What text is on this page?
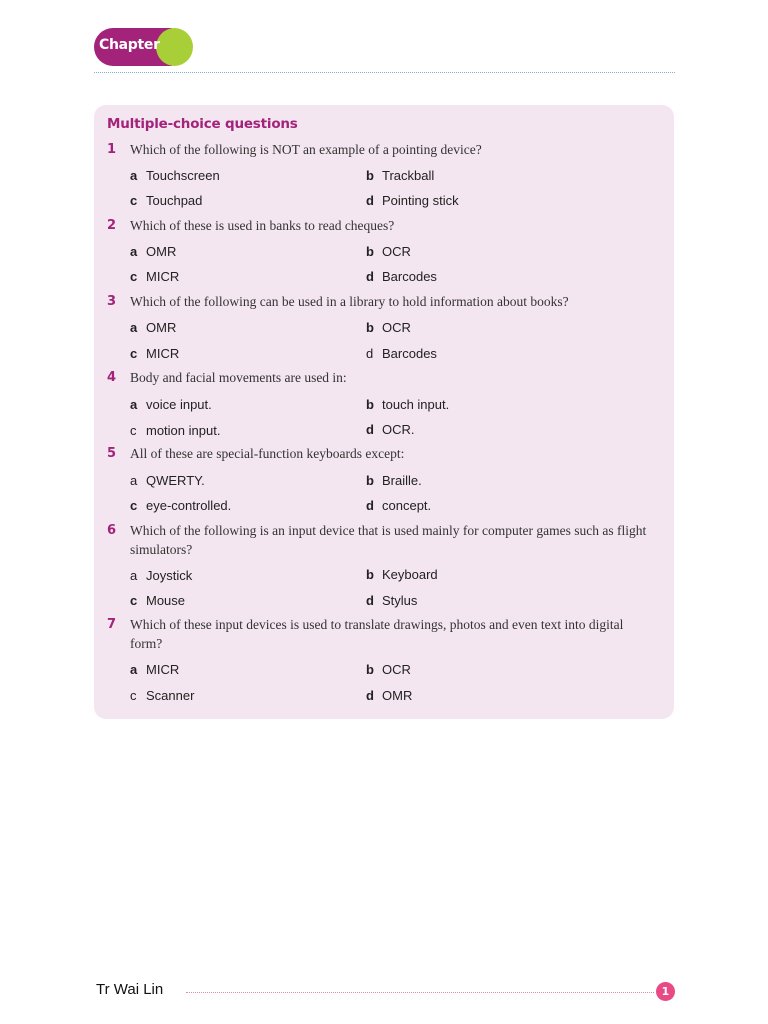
Chapter
Multiple-choice questions
1	Which of the following is NOT an example of a pointing device?
a Touchscreen	b Trackball
c Touchpad	d Pointing stick
2	Which of these is used in banks to read cheques?
a OMR	b OCR
c MICR	d Barcodes
3	Which of the following can be used in a library to hold information about books?
a OMR	b OCR
c MICR	d Barcodes
4	Body and facial movements are used in:
a voice input.	b touch input.
c motion input.	d OCR.
5	All of these are special-function keyboards except:
a QWERTY.	b Braille.
c eye-controlled.	d concept.
6	Which of the following is an input device that is used mainly for computer games such as flight simulators?
a Joystick	b Keyboard
c Mouse	d Stylus
7	Which of these input devices is used to translate drawings, photos and even text into digital form?
a MICR	b OCR
c Scanner	d OMR
Tr Wai Lin	1
